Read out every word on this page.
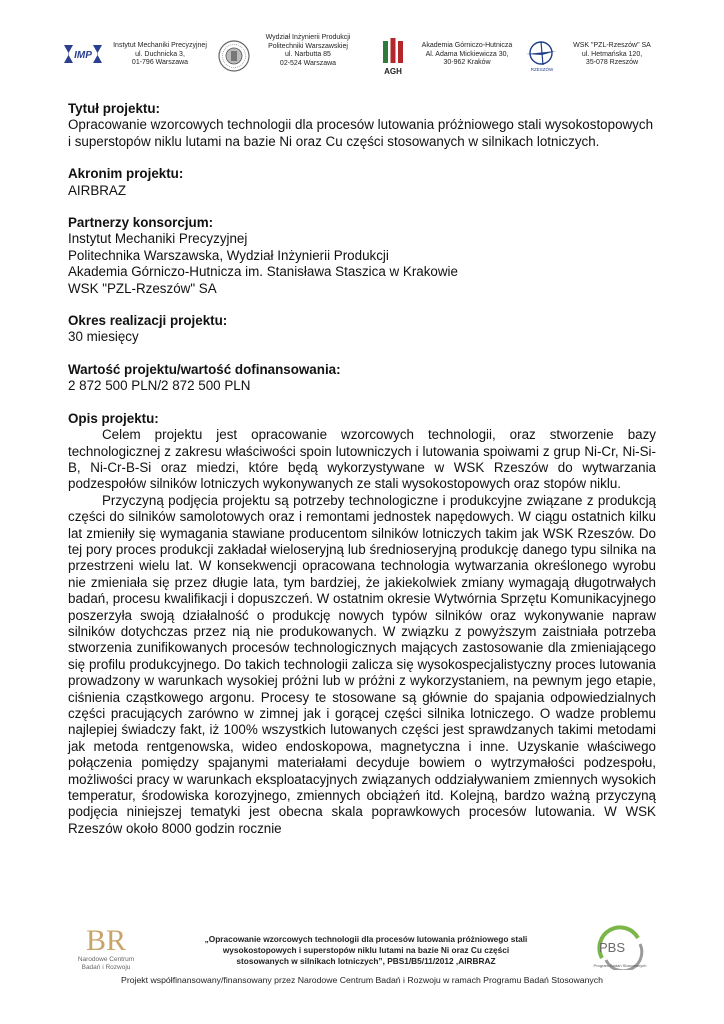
IMP
Instytut Mechaniki Precyzyjnej
ul. Duchnicka 3,
01-796 Warszawa
Wydział Inżynierii Produkcji
Politechniki Warszawskiej
ul. Narbutta 85
02-524 Warszawa
AGH
Akademia Górniczo-Hutnicza
Al. Adama Mickiewicza 30,
30-962 Kraków
RZESZÓW
WSK "PZL-Rzeszów" SA
ul. Hetmańska 120,
35-078 Rzeszów

Tytuł projektu:

Opracowanie wzorcowych technologii dla procesów lutowania próżniowego stali wysokostopowych

i superstopów niklu lutami na bazie Ni oraz Cu części stosowanych w silnikach lotniczych.

Akronim projektu:

AIRBRAZ

Partnerzy konsorcjum:

Instytut Mechaniki Precyzyjnej

Politechnika Warszawska, Wydział Inżynierii Produkcji

Akademia Górniczo-Hutnicza im. Stanisława Staszica w Krakowie

WSK "PZL-Rzeszów" SA

Okres realizacji projektu:

30 miesięcy

Wartość projektu/wartość dofinansowania:

2 872 500 PLN/2 872 500 PLN

Opis projektu:

Celem projektu jest opracowanie wzorcowych technologii, oraz stworzenie bazy technologicznej z zakresu właściwości spoin lutowniczych i lutowania spoiwami z grup Ni-Cr, Ni-Si-B, Ni-Cr-B-Si oraz miedzi, które będą wykorzystywane w WSK Rzeszów do wytwarzania podzespołów silników lotniczych wykonywanych ze stali wysokostopowych oraz stopów niklu.

Przyczyną podjęcia projektu są potrzeby technologiczne i produkcyjne związane z produkcją części do silników samolotowych oraz i remontami jednostek napędowych. W ciągu ostatnich kilku lat zmieniły się wymagania stawiane producentom silników lotniczych takim jak WSK Rzeszów. Do tej pory proces produkcji zakładał wieloseryjną lub średnioseryjną produkcję danego typu silnika na przestrzeni wielu lat. W konsekwencji opracowana technologia wytwarzania określonego wyrobu nie zmieniała się przez długie lata, tym bardziej, że jakiekolwiek zmiany wymagają długotrwałych badań, procesu kwalifikacji i dopuszczeń. W ostatnim okresie Wytwórnia Sprzętu Komunikacyjnego poszerzyła swoją działalność o produkcję nowych typów silników oraz wykonywanie napraw silników dotychczas przez nią nie produkowanych. W związku z powyższym zaistniała potrzeba stworzenia zunifikowanych procesów technologicznych mających zastosowanie dla zmieniającego się profilu produkcyjnego. Do takich technologii zalicza się wysokospecjalistyczny proces lutowania prowadzony w warunkach wysokiej próżni lub w próżni z wykorzystaniem, na pewnym jego etapie, ciśnienia cząstkowego argonu. Procesy te stosowane są głównie do spajania odpowiedzialnych części pracujących zarówno w zimnej jak i gorącej części silnika lotniczego. O wadze problemu najlepiej świadczy fakt, iż 100% wszystkich lutowanych części jest sprawdzanych takimi metodami jak metoda rentgenowska, wideo endoskopowa, magnetyczna i inne. Uzyskanie właściwego połączenia pomiędzy spajanymi materiałami decyduje bowiem o wytrzymałości podzespołu, możliwości pracy w warunkach eksploatacyjnych związanych oddziaływaniem zmiennych wysokich temperatur, środowiska korozyjnego, zmiennych obciążeń itd. Kolejną, bardzo ważną przyczyną podjęcia niniejszej tematyki jest obecna skala poprawkowych procesów lutowania. W WSK Rzeszów około 8000 godzin rocznie

BR
Narodowe Centrum
Badań i Rozwoju
„Opracowanie wzorcowych technologii dla procesów lutowania próżniowego stali
wysokostopowych i superstopów niklu lutami na bazie Ni oraz Cu części
stosowanych w silnikach lotniczych”, PBS1/B5/11/2012 ‚AIRBRAZ
PBS
Program Badań Stosowanych
Projekt współfinansowany/finansowany przez Narodowe Centrum Badań i Rozwoju w ramach Programu Badań Stosowanych
